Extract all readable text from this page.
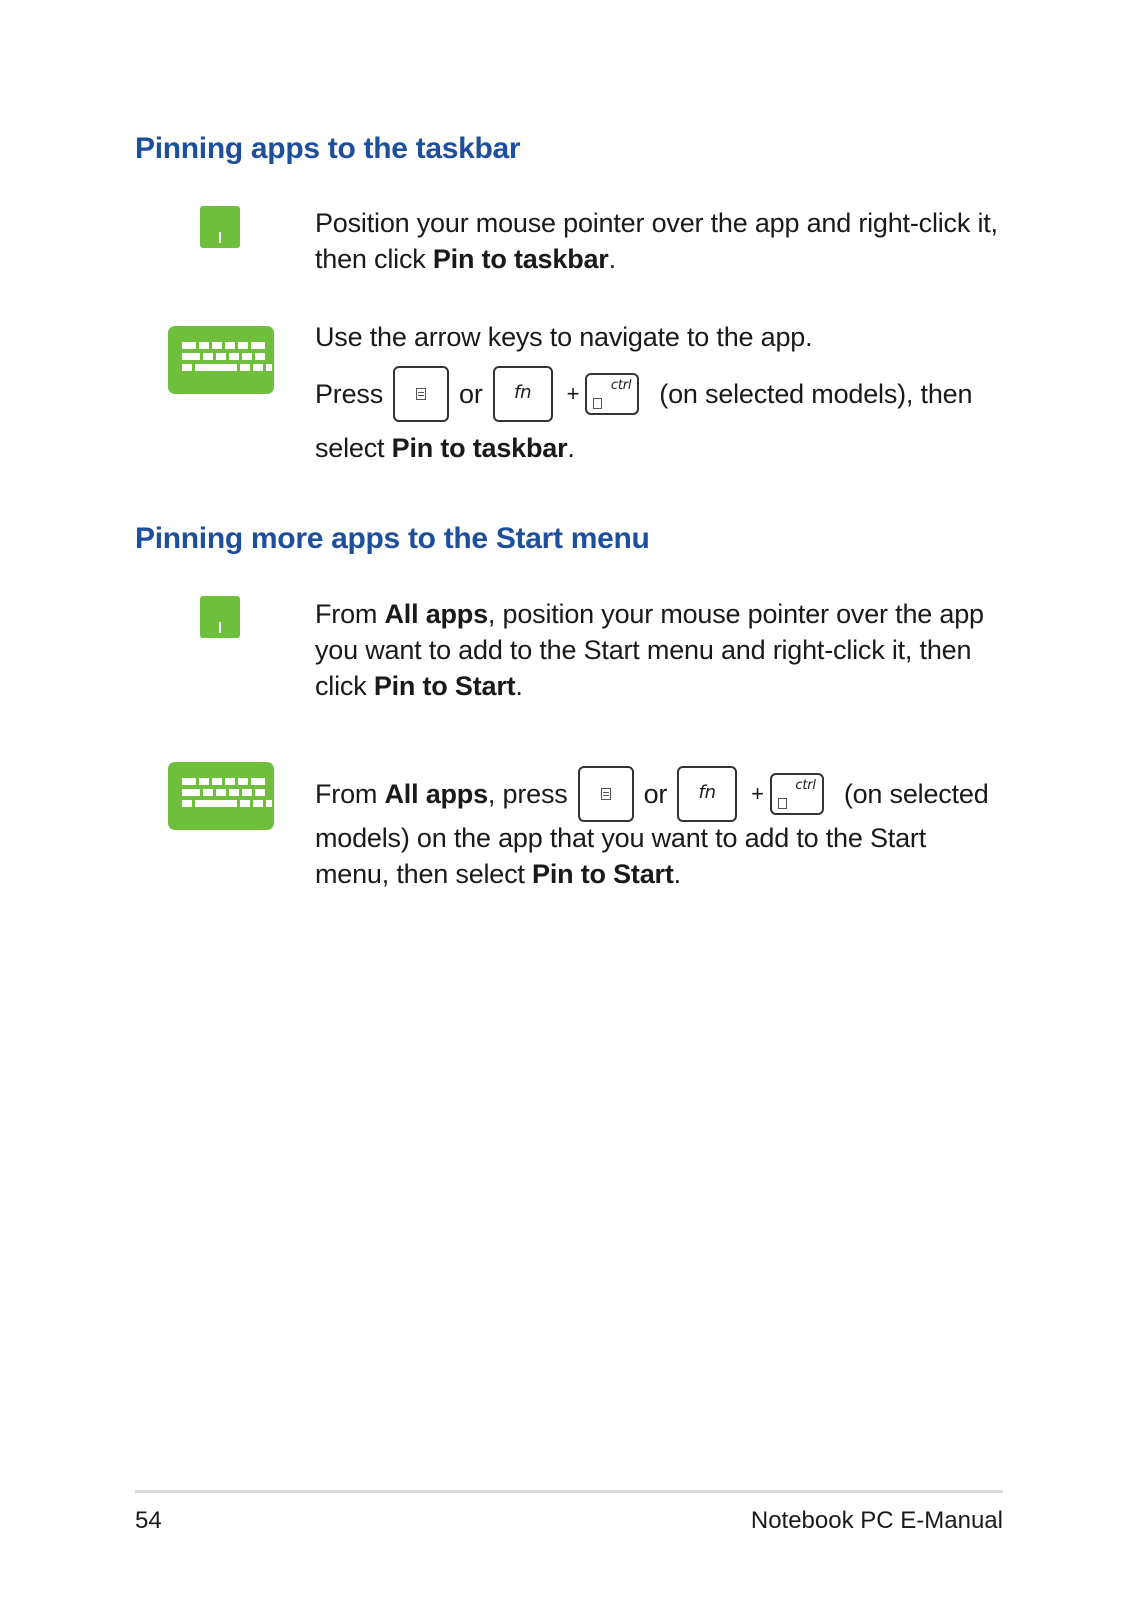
Pinning apps to the taskbar

Position your mouse pointer over the app and right-click it, then click Pin to taskbar.

Use the arrow keys to navigate to the app.

Press	or	fn	+ ctrl (on selected models), then

select Pin to taskbar.

Pinning more apps to the Start menu

From All apps, position your mouse pointer over the app you want to add to the Start menu and right-click it, then click Pin to Start.

From All apps , press	or	fn	+ ctrl (on selected

models) on the app that you want to add to the Start menu, then select Pin to Start.

54	Notebook PC E-Manual
